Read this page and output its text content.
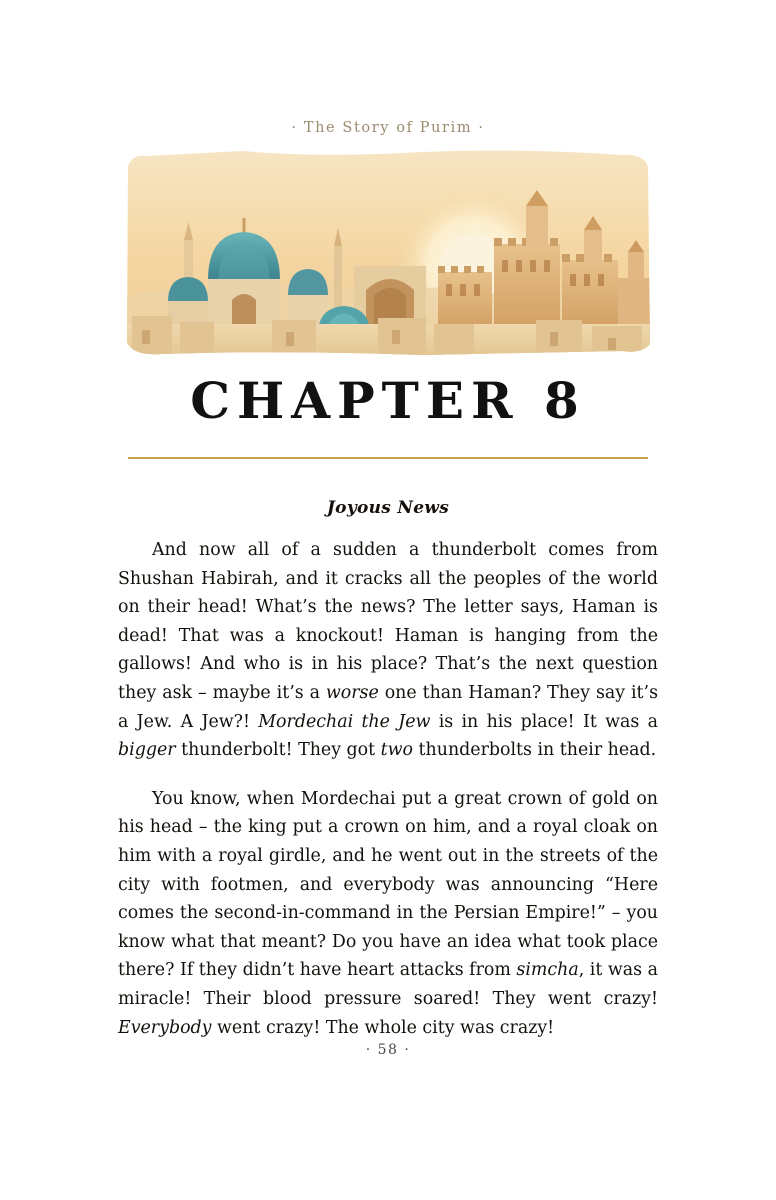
· The Story of Purim ·
CHAPTER 8
Joyous News

And now all of a sudden a thunderbolt comes from Shushan Habirah, and it cracks all the peoples of the world on their head! What’s the news? The letter says, Haman is dead! That was a knockout! Haman is hanging from the gallows! And who is in his place? That’s the next question they ask – maybe it’s a worse one than Haman? They say it’s a Jew. A Jew?! Mordechai the Jew is in his place! It was a bigger thunderbolt! They got two thunderbolts in their head.

You know, when Mordechai put a great crown of gold on his head – the king put a crown on him, and a royal cloak on him with a royal girdle, and he went out in the streets of the city with footmen, and everybody was announcing “Here comes the second-in-command in the Persian Empire!” – you know what that meant? Do you have an idea what took place there? If they didn’t have heart attacks from simcha, it was a miracle! Their blood pressure soared! They went crazy! Everybody went crazy! The whole city was crazy!

· 58 ·
